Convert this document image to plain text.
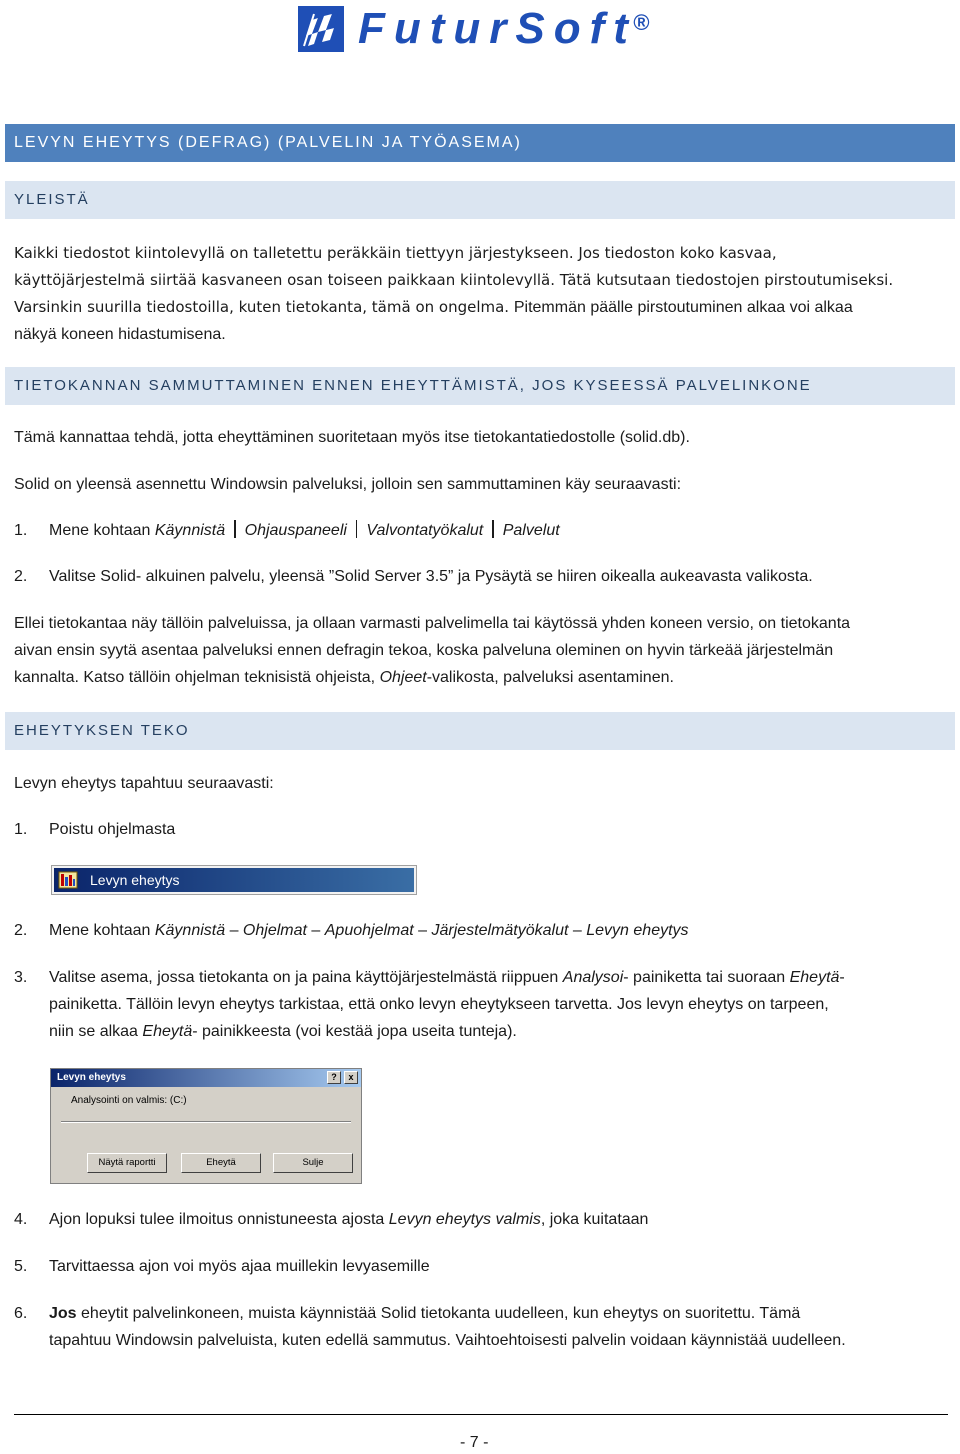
FuturSoft®
LEVYN EHEYTYS (DEFRAG) (PALVELIN JA TYÖASEMA)
YLEISTÄ
Kaikki tiedostot kiintolevyllä on talletettu peräkkäin tiettyyn järjestykseen. Jos tiedoston koko kasvaa,
käyttöjärjestelmä siirtää kasvaneen osan toiseen paikkaan kiintolevyllä. Tätä kutsutaan tiedostojen pirstoutumiseksi.
Varsinkin suurilla tiedostoilla, kuten tietokanta, tämä on ongelma. Pitemmän päälle pirstoutuminen alkaa voi alkaa
näkyä koneen hidastumisena.
TIETOKANNAN SAMMUTTAMINEN ENNEN EHEYTTÄMISTÄ, JOS KYSEESSÄ PALVELINKONE
Tämä kannattaa tehdä, jotta eheyttäminen suoritetaan myös itse tietokantatiedostolle (solid.db).
Solid on yleensä asennettu Windowsin palveluksi, jolloin sen sammuttaminen käy seuraavasti:
1. Mene kohtaan Käynnistä Ohjauspaneeli Valvontatyökalut Palvelut
2. Valitse Solid- alkuinen palvelu, yleensä ”Solid Server 3.5” ja Pysäytä se hiiren oikealla aukeavasta valikosta.
Ellei tietokantaa näy tällöin palveluissa, ja ollaan varmasti palvelimella tai käytössä yhden koneen versio, on tietokanta
aivan ensin syytä asentaa palveluksi ennen defragin tekoa, koska palveluna oleminen on hyvin tärkeää järjestelmän
kannalta. Katso tällöin ohjelman teknisistä ohjeista, Ohjeet-valikosta, palveluksi asentaminen.
EHEYTYKSEN TEKO
Levyn eheytys tapahtuu seuraavasti:
1. Poistu ohjelmasta
Levyn eheytys
2. Mene kohtaan Käynnistä – Ohjelmat – Apuohjelmat – Järjestelmätyökalut – Levyn eheytys
3. Valitse asema, jossa tietokanta on ja paina käyttöjärjestelmästä riippuen Analysoi- painiketta tai suoraan Eheytä-
painiketta. Tällöin levyn eheytys tarkistaa, että onko levyn eheytykseen tarvetta. Jos levyn eheytys on tarpeen,
niin se alkaa Eheytä- painikkeesta (voi kestää jopa useita tunteja).
Levyn eheytys	?	x
Analysointi on valmis: (C:)
Näytä raportti	Eheytä	Sulje
4. Ajon lopuksi tulee ilmoitus onnistuneesta ajosta Levyn eheytys valmis, joka kuitataan
5. Tarvittaessa ajon voi myös ajaa muillekin levyasemille
6. Jos eheytit palvelinkoneen, muista käynnistää Solid tietokanta uudelleen, kun eheytys on suoritettu. Tämä
tapahtuu Windowsin palveluista, kuten edellä sammutus. Vaihtoehtoisesti palvelin voidaan käynnistää uudelleen.
- 7 -
